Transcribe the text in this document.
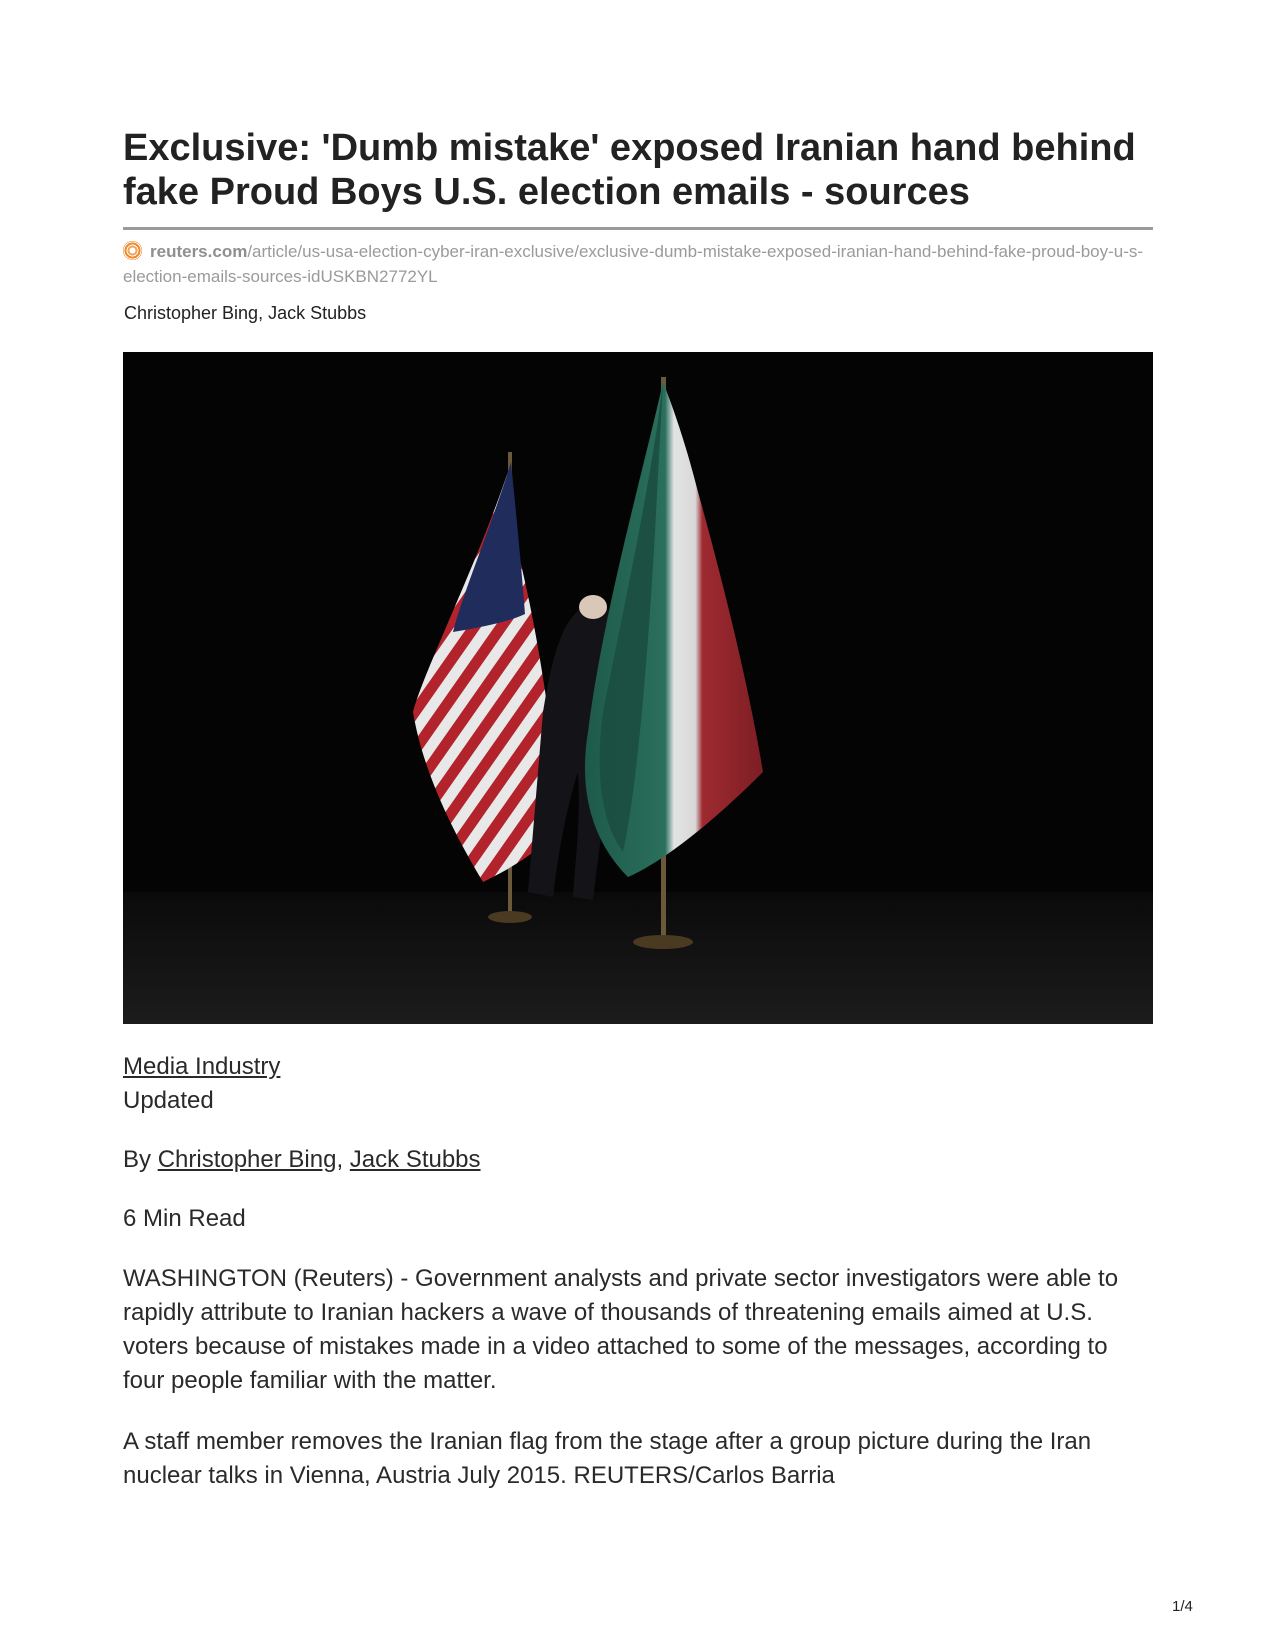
Exclusive: 'Dumb mistake' exposed Iranian hand behind fake Proud Boys U.S. election emails - sources
reuters.com/article/us-usa-election-cyber-iran-exclusive/exclusive-dumb-mistake-exposed-iranian-hand-behind-fake-proud-boy-u-s-election-emails-sources-idUSKBN2772YL
Christopher Bing, Jack Stubbs
Media Industry
Updated
By Christopher Bing, Jack Stubbs
6 Min Read

WASHINGTON (Reuters) - Government analysts and private sector investigators were able to rapidly attribute to Iranian hackers a wave of thousands of threatening emails aimed at U.S. voters because of mistakes made in a video attached to some of the messages, according to four people familiar with the matter.

A staff member removes the Iranian flag from the stage after a group picture during the Iran nuclear talks in Vienna, Austria July 2015. REUTERS/Carlos Barria

1/4
